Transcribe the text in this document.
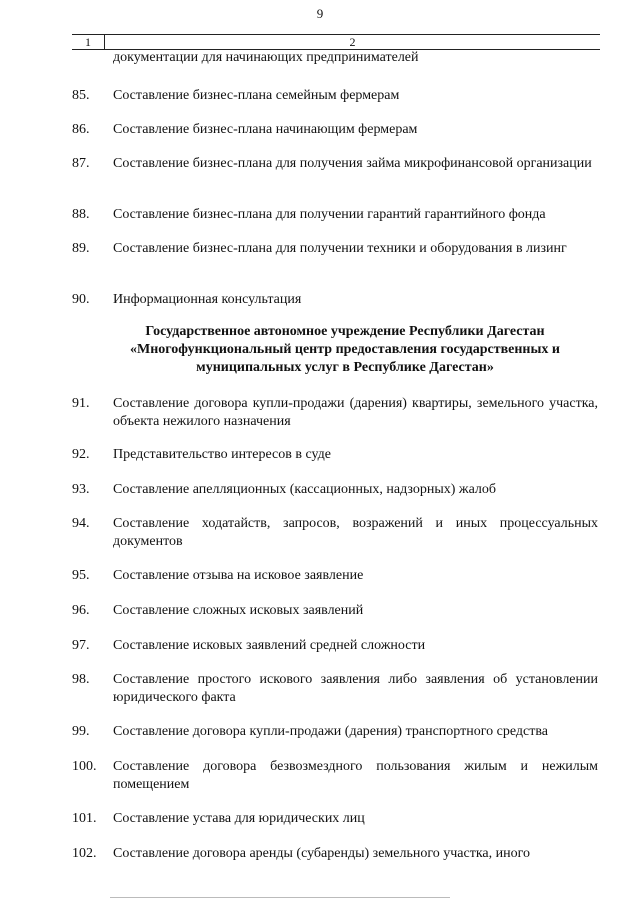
9
1	2
документации для начинающих предпринимателей
85.	Составление бизнес-плана семейным фермерам
86.	Составление бизнес-плана начинающим фермерам
87.	Составление бизнес-плана для получения займа микрофинансовой организации
88.	Составление бизнес-плана для получении гарантий гарантийного фонда
89.	Составление бизнес-плана для получении техники и оборудования в лизинг
90.	Информационная консультация
Государственное автономное учреждение Республики Дагестан
«Многофункциональный центр предоставления государственных и
муниципальных услуг в Республике Дагестан»
91.	Составление договора купли-продажи (дарения) квартиры, земельного участка, объекта нежилого назначения
92.	Представительство интересов в суде
93.	Составление апелляционных (кассационных, надзорных) жалоб
94.	Составление ходатайств, запросов, возражений и иных процессуальных документов
95.	Составление отзыва на исковое заявление
96.	Составление сложных исковых заявлений
97.	Составление исковых заявлений средней сложности
98.	Составление простого искового заявления либо заявления об установлении юридического факта
99.	Составление договора купли-продажи (дарения) транспортного средства
100.	Составление договора безвозмездного пользования жилым и нежилым помещением
101.	Составление устава для юридических лиц
102.	Составление договора аренды (субаренды) земельного участка, иного
